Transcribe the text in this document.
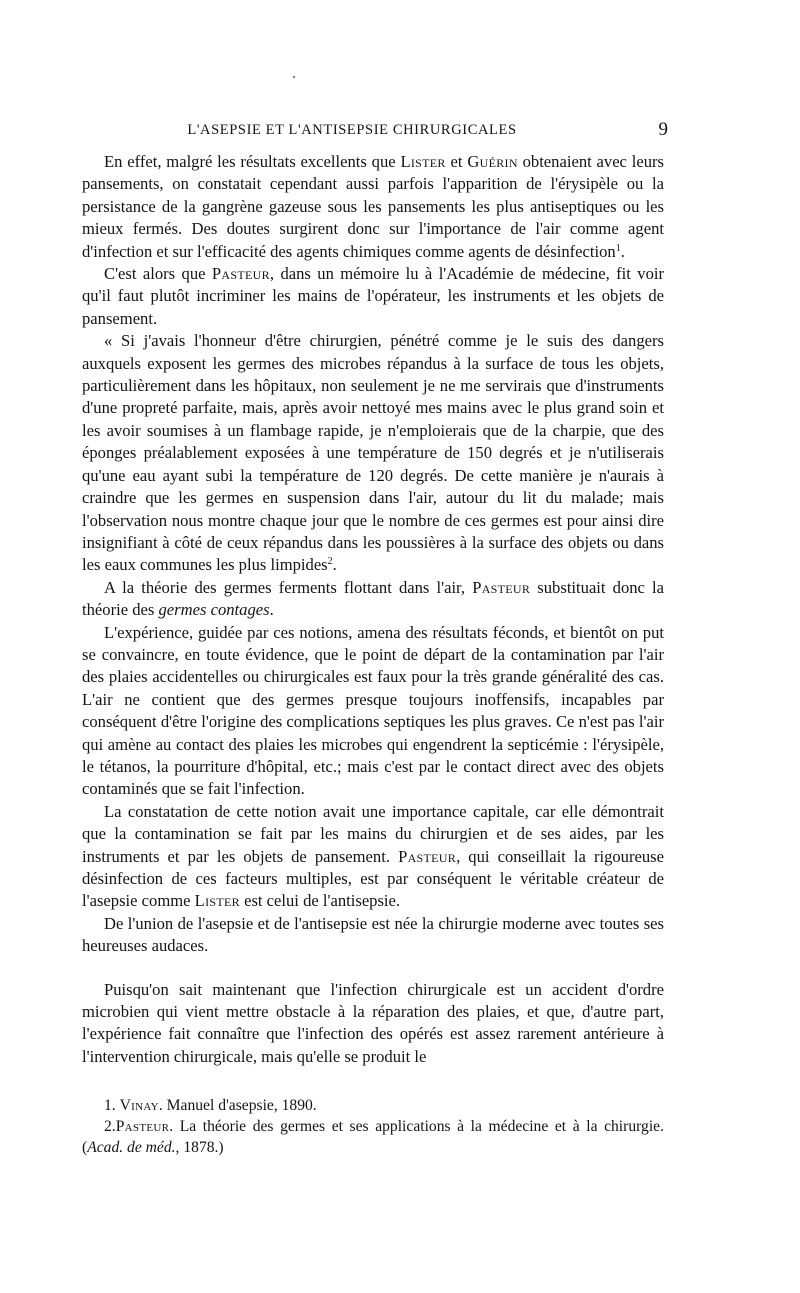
L'ASEPSIE ET L'ANTISEPSIE CHIRURGICALES	9

En effet, malgré les résultats excellents que Lister et Guérin obtenaient avec leurs pansements, on constatait cependant aussi parfois l'apparition de l'érysipèle ou la persistance de la gangrène gazeuse sous les pansements les plus antiseptiques ou les mieux fermés. Des doutes surgirent donc sur l'importance de l'air comme agent d'infection et sur l'efficacité des agents chimiques comme agents de désinfection$^1$.

C'est alors que Pasteur, dans un mémoire lu à l'Académie de médecine, fit voir qu'il faut plutôt incriminer les mains de l'opérateur, les instruments et les objets de pansement.

« Si j'avais l'honneur d'être chirurgien, pénétré comme je le suis des dangers auxquels exposent les germes des microbes répandus à la surface de tous les objets, particulièrement dans les hôpitaux, non seulement je ne me servirais que d'instruments d'une propreté parfaite, mais, après avoir nettoyé mes mains avec le plus grand soin et les avoir soumises à un flambage rapide, je n'emploierais que de la charpie, que des éponges préalablement exposées à une température de 150 degrés et je n'utiliserais qu'une eau ayant subi la température de 120 degrés. De cette manière je n'aurais à craindre que les germes en suspension dans l'air, autour du lit du malade; mais l'observation nous montre chaque jour que le nombre de ces germes est pour ainsi dire insignifiant à côté de ceux répandus dans les poussières à la surface des objets ou dans les eaux communes les plus limpides$^2$.

A la théorie des germes ferments flottant dans l'air, Pasteur substituait donc la théorie des germes contages.

L'expérience, guidée par ces notions, amena des résultats féconds, et bientôt on put se convaincre, en toute évidence, que le point de départ de la contamination par l'air des plaies accidentelles ou chirurgicales est faux pour la très grande généralité des cas. L'air ne contient que des germes presque toujours inoffensifs, incapables par conséquent d'être l'origine des complications septiques les plus graves. Ce n'est pas l'air qui amène au contact des plaies les microbes qui engendrent la septicémie : l'érysipèle, le tétanos, la pourriture d'hôpital, etc.; mais c'est par le contact direct avec des objets contaminés que se fait l'infection.

La constatation de cette notion avait une importance capitale, car elle démontrait que la contamination se fait par les mains du chirurgien et de ses aides, par les instruments et par les objets de pansement. Pasteur, qui conseillait la rigoureuse désinfection de ces facteurs multiples, est par conséquent le véritable créateur de l'asepsie comme Lister est celui de l'antisepsie.

De l'union de l'asepsie et de l'antisepsie est née la chirurgie moderne avec toutes ses heureuses audaces.

Puisqu'on sait maintenant que l'infection chirurgicale est un accident d'ordre microbien qui vient mettre obstacle à la réparation des plaies, et que, d'autre part, l'expérience fait connaître que l'infection des opérés est assez rarement antérieure à l'intervention chirurgicale, mais qu'elle se produit le

1. Vinay. Manuel d'asepsie, 1890.

2.Pasteur. La théorie des germes et ses applications à la médecine et à la chirurgie. (Acad. de méd., 1878.)
